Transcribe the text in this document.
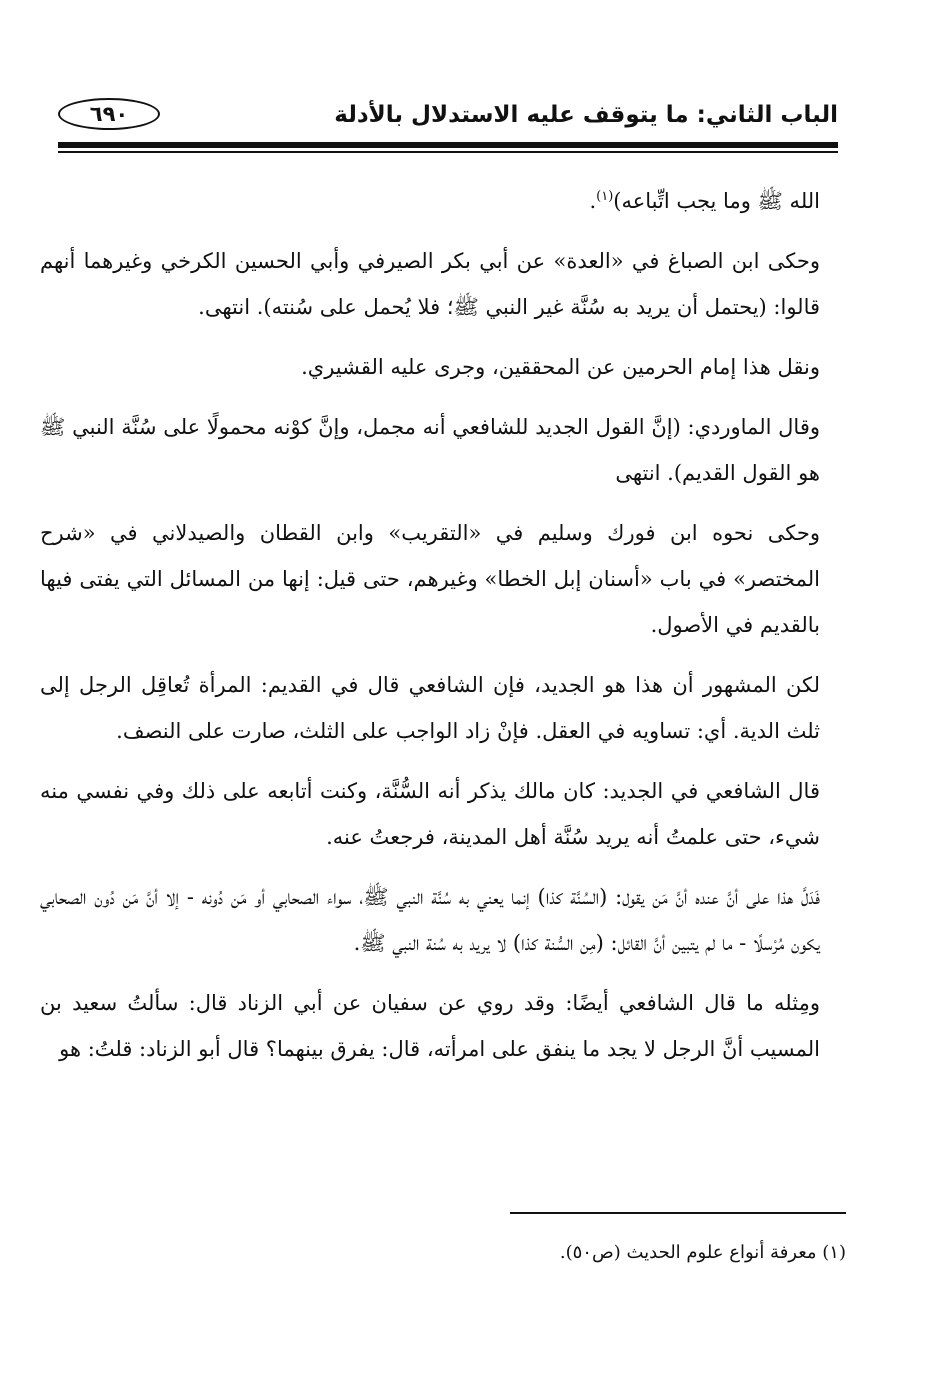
الباب الثاني: ما يتوقف عليه الاستدلال بالأدلة
٦٩٠

الله ﷺ وما يجب اتِّباعه)$^{(١)}$.

وحكى ابن الصباغ في «العدة» عن أبي بكر الصيرفي وأبي الحسين الكرخي وغيرهما أنهم قالوا: (يحتمل أن يريد به سُنَّة غير النبي ﷺ؛ فلا يُحمل على سُنته). انتهى.

ونقل هذا إمام الحرمين عن المحققين، وجرى عليه القشيري.

وقال الماوردي: (إنَّ القول الجديد للشافعي أنه مجمل، وإنَّ كوْنه محمولًا على سُنَّة النبي ﷺ هو القول القديم). انتهى

وحكى نحوه ابن فورك وسليم في «التقريب» وابن القطان والصيدلاني في «شرح المختصر» في باب «أسنان إبل الخطا» وغيرهم، حتى قيل: إنها من المسائل التي يفتى فيها بالقديم في الأصول.

لكن المشهور أن هذا هو الجديد، فإن الشافعي قال في القديم: المرأة تُعاقِل الرجل إلى ثلث الدية. أي: تساويه في العقل. فإنْ زاد الواجب على الثلث، صارت على النصف.

قال الشافعي في الجديد: كان مالك يذكر أنه السُّنَّة، وكنت أتابعه على ذلك وفي نفسي منه شيء، حتى علمتُ أنه يريد سُنَّة أهل المدينة، فرجعتُ عنه.

فَدَلَّ هذا على أنَّ عنده أنَّ مَن يقول: (السُنَّة كذا) إنما يعني به سُنَّة النبي ﷺ، سواء الصحابي أو مَن دُونه - إلا أنَّ مَن دُون الصحابي يكون مُرْسلًا - ما لم يتبين أنَّ القائل: (مِن السُّنة كذا) لا يريد به سُنة النبي ﷺ.

ومِثله ما قال الشافعي أيضًا: وقد روي عن سفيان عن أبي الزناد قال: سألتُ سعيد بن المسيب أنَّ الرجل لا يجد ما ينفق على امرأته، قال: يفرق بينهما؟ قال أبو الزناد: قلتُ: هو

(١) معرفة أنواع علوم الحديث (ص٥٠).
